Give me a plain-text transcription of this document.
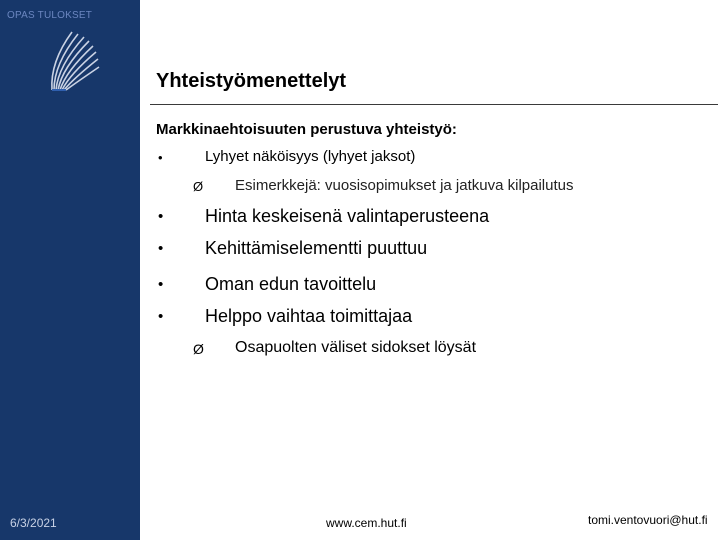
OPAS TULOKSET
6/3/2021
Yhteistyömenettelyt
Markkinaehtoisuuten perustuva yhteistyö:
•	Lyhyet näköisyys (lyhyet jaksot)
Ø Esimerkkejä: vuosisopimukset ja jatkuva kilpailutus
• Hinta keskeisenä valintaperusteena
• Kehittämiselementti puuttuu
• Oman edun tavoittelu
• Helppo vaihtaa toimittajaa
Ø Osapuolten väliset sidokset löysät
www.cem.hut.fi	tomi.ventovuori@hut.fi
